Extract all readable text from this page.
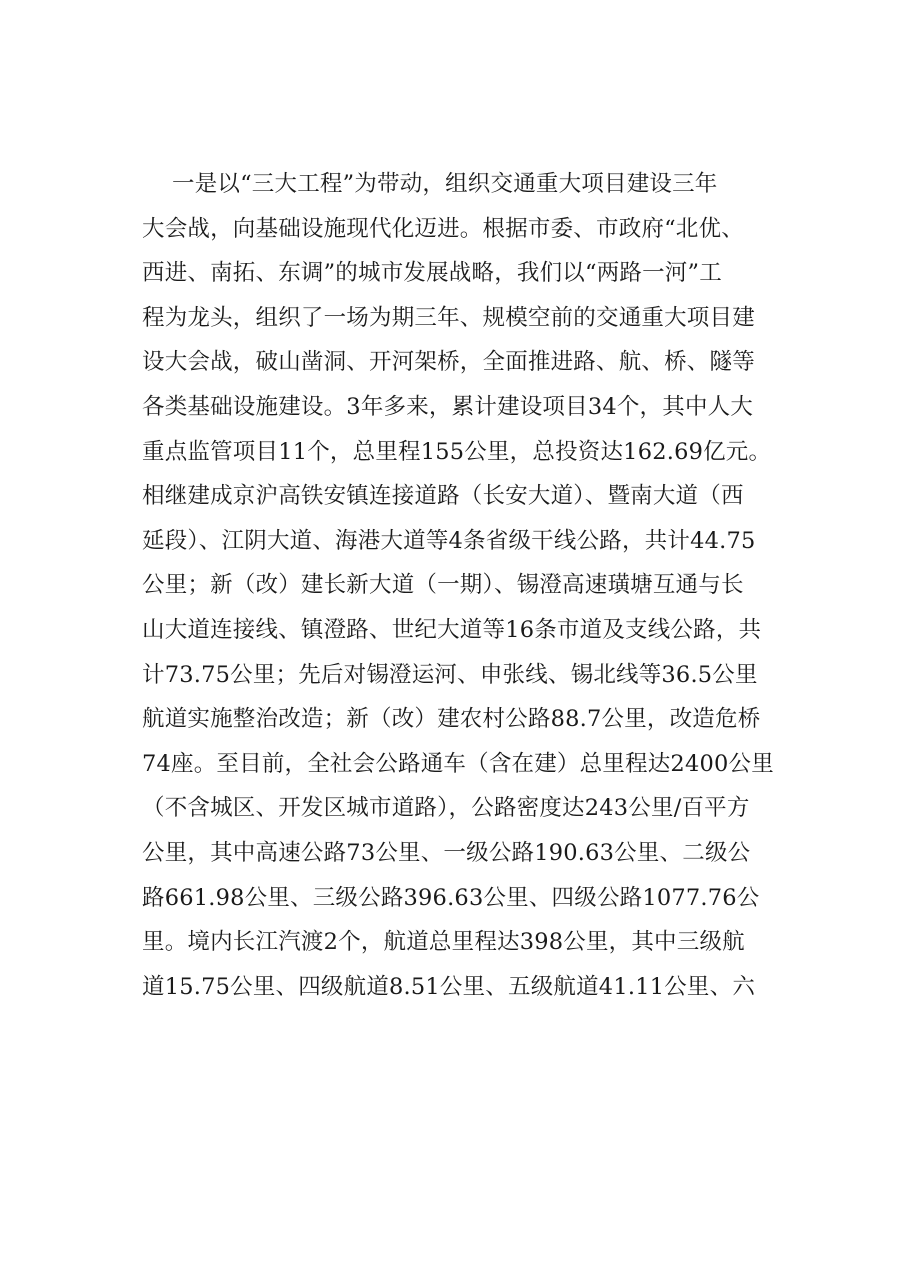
一是以“三大工程”为带动，组织交通重大项目建设三年
大会战，向基础设施现代化迈进。根据市委、市政府“北优、
西进、南拓、东调”的城市发展战略，我们以“两路一河”工
程为龙头，组织了一场为期三年、规模空前的交通重大项目建
设大会战，破山凿洞、开河架桥，全面推进路、航、桥、隧等
各类基础设施建设。3年多来，累计建设项目34个，其中人大
重点监管项目11个，总里程155公里，总投资达162.69亿元。
相继建成京沪高铁安镇连接道路（长安大道）、暨南大道（西
延段）、江阴大道、海港大道等4条省级干线公路，共计44.75
公里；新（改）建长新大道（一期）、锡澄高速璜塘互通与长
山大道连接线、镇澄路、世纪大道等16条市道及支线公路，共
计73.75公里；先后对锡澄运河、申张线、锡北线等36.5公里
航道实施整治改造；新（改）建农村公路88.7公里，改造危桥
74座。至目前，全社会公路通车（含在建）总里程达2400公里
（不含城区、开发区城市道路），公路密度达243公里/百平方
公里，其中高速公路73公里、一级公路190.63公里、二级公
路661.98公里、三级公路396.63公里、四级公路1077.76公
里。境内长江汽渡2个，航道总里程达398公里，其中三级航
道15.75公里、四级航道8.51公里、五级航道41.11公里、六
